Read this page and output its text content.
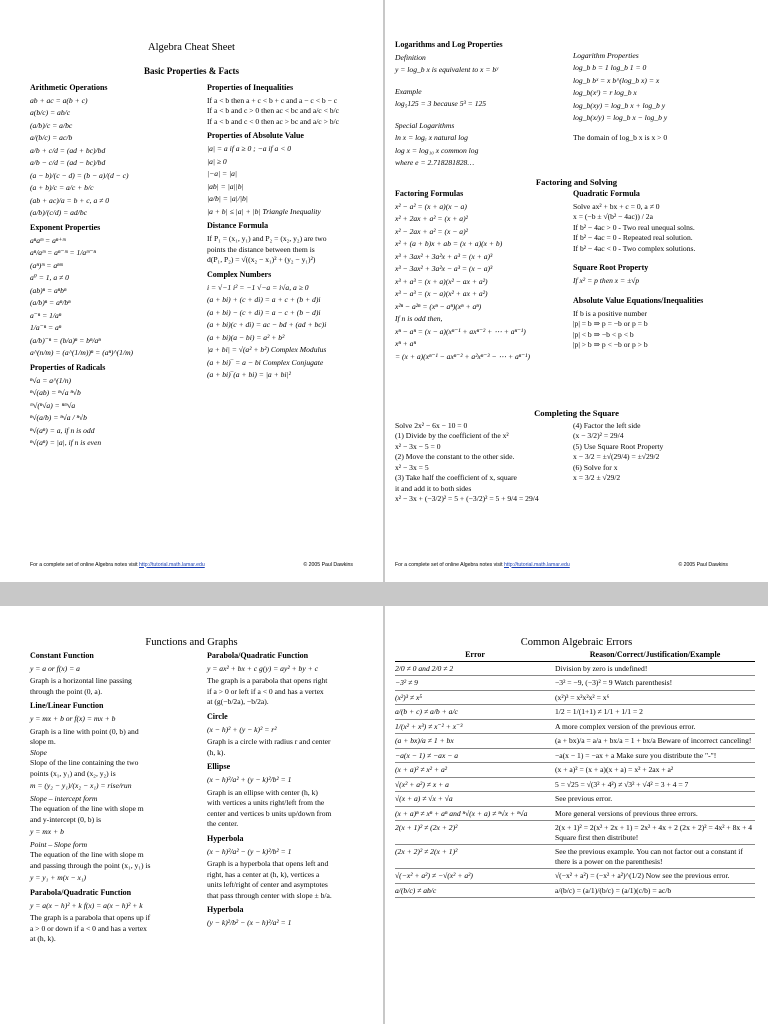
Algebra Cheat Sheet
Basic Properties & Facts
Arithmetic Operations
ab + ac = a(b + c)
a(b/c) = ab/c
(a/b)/c = a/bc
a/(b/c) = ac/b
a/b + c/d = (ad + bc)/bd
a/b − c/d = (ad − bc)/bd
(a − b)/(c − d) = (b − a)/(d − c)
(a + b)/c = a/c + b/c
(ab + ac)/a = b + c, a ≠ 0
(a/b)/(c/d) = ad/bc
Exponent Properties
aⁿaᵐ = aⁿ⁺ᵐ
aⁿ/aᵐ = aⁿ⁻ᵐ = 1/aᵐ⁻ⁿ
(aⁿ)ᵐ = aⁿᵐ
a⁰ = 1, a ≠ 0
(ab)ⁿ = aⁿbⁿ
(a/b)ⁿ = aⁿ/bⁿ
a⁻ⁿ = 1/aⁿ
1/a⁻ⁿ = aⁿ
(a/b)⁻ⁿ = (b/a)ⁿ = bⁿ/aⁿ
a^(n/m) = (a^(1/m))ⁿ = (aⁿ)^(1/m)
Properties of Radicals
ⁿ√a = a^(1/n)
ⁿ√(ab) = ⁿ√a ⁿ√b
ᵐ√(ⁿ√a) = ⁿᵐ√a
ⁿ√(a/b) = ⁿ√a / ⁿ√b
ⁿ√(aⁿ) = a, if n is odd
ⁿ√(aⁿ) = |a|, if n is even
Properties of Inequalities
If a < b then a + c < b + c and a − c < b − c
If a < b and c > 0 then ac < bc and a/c < b/c
If a < b and c < 0 then ac > bc and a/c > b/c
Properties of Absolute Value
|a| = a if a ≥ 0 ; −a if a < 0
|a| ≥ 0
|−a| = |a|
|ab| = |a||b|
|a/b| = |a|/|b|
|a + b| ≤ |a| + |b| Triangle Inequality
Distance Formula
If P₁ = (x₁, y₁) and P₂ = (x₂, y₂) are two
points the distance between them is
d(P₁, P₂) = √((x₂ − x₁)² + (y₂ − y₁)²)
Complex Numbers
i = √−1 i² = −1 √−a = i√a, a ≥ 0
(a + bi) + (c + di) = a + c + (b + d)i
(a + bi) − (c + di) = a − c + (b − d)i
(a + bi)(c + di) = ac − bd + (ad + bc)i
(a + bi)(a − bi) = a² + b²
|a + bi| = √(a² + b²) Complex Modulus
(a + bi)‾ = a − bi Complex Conjugate
(a + bi)‾(a + bi) = |a + bi|²
For a complete set of online Algebra notes visit http://tutorial.math.lamar.edu	© 2005 Paul Dawkins
Logarithms and Log Properties
Definition
y = log_b x is equivalent to x = bʸ
Example
log₅125 = 3 because 5³ = 125
Special Logarithms
ln x = logₑ x natural log
log x = log₁₀ x common log
where e = 2.718281828…
Logarithm Properties
log_b b = 1 log_b 1 = 0
log_b bˣ = x b^(log_b x) = x
log_b(xʳ) = r log_b x
log_b(xy) = log_b x + log_b y
log_b(x/y) = log_b x − log_b y
The domain of log_b x is x > 0
Factoring and Solving
Factoring Formulas
x² − a² = (x + a)(x − a)
x² + 2ax + a² = (x + a)²
x² − 2ax + a² = (x − a)²
x² + (a + b)x + ab = (x + a)(x + b)
x³ + 3ax² + 3a²x + a³ = (x + a)³
x³ − 3ax² + 3a²x − a³ = (x − a)³
x³ + a³ = (x + a)(x² − ax + a²)
x³ − a³ = (x − a)(x² + ax + a²)
x²ⁿ − a²ⁿ = (xⁿ − aⁿ)(xⁿ + aⁿ)
If n is odd then,
xⁿ − aⁿ = (x − a)(xⁿ⁻¹ + axⁿ⁻² + ⋯ + aⁿ⁻¹)
xⁿ + aⁿ
= (x + a)(xⁿ⁻¹ − axⁿ⁻² + a²xⁿ⁻³ − ⋯ + aⁿ⁻¹)
Quadratic Formula
Solve ax² + bx + c = 0, a ≠ 0
x = (−b ± √(b² − 4ac)) / 2a
If b² − 4ac > 0 - Two real unequal solns.
If b² − 4ac = 0 - Repeated real solution.
If b² − 4ac < 0 - Two complex solutions.
Square Root Property
If x² = p then x = ±√p
Absolute Value Equations/Inequalities
If b is a positive number
|p| = b ⇒ p = −b or p = b
|p| < b ⇒ −b < p < b
|p| > b ⇒ p < −b or p > b
Completing the Square
Solve 2x² − 6x − 10 = 0
(1) Divide by the coefficient of the x²
x² − 3x − 5 = 0
(2) Move the constant to the other side.
x² − 3x = 5
(3) Take half the coefficient of x, square
it and add it to both sides
x² − 3x + (−3/2)² = 5 + (−3/2)² = 5 + 9/4 = 29/4
(4) Factor the left side
(x − 3/2)² = 29/4
(5) Use Square Root Property
x − 3/2 = ±√(29/4) = ±√29/2
(6) Solve for x
x = 3/2 ± √29/2
For a complete set of online Algebra notes visit http://tutorial.math.lamar.edu	© 2005 Paul Dawkins
Functions and Graphs
Constant Function
y = a or f(x) = a
Graph is a horizontal line passing
through the point (0, a).
Line/Linear Function
y = mx + b or f(x) = mx + b
Graph is a line with point (0, b) and
slope m.
Slope
Slope of the line containing the two
points (x₁, y₁) and (x₂, y₂) is
m = (y₂ − y₁)/(x₂ − x₁) = rise/run
Slope – intercept form
The equation of the line with slope m
and y-intercept (0, b) is
y = mx + b
Point – Slope form
The equation of the line with slope m
and passing through the point (x₁, y₁) is
y = y₁ + m(x − x₁)
Parabola/Quadratic Function
y = a(x − h)² + k f(x) = a(x − h)² + k
The graph is a parabola that opens up if
a > 0 or down if a < 0 and has a vertex
at (h, k).
Parabola/Quadratic Function
y = ax² + bx + c g(y) = ay² + by + c
The graph is a parabola that opens right
if a > 0 or left if a < 0 and has a vertex
at (g(−b/2a), −b/2a).
Circle
(x − h)² + (y − k)² = r²
Graph is a circle with radius r and center
(h, k).
Ellipse
(x − h)²/a² + (y − k)²/b² = 1
Graph is an ellipse with center (h, k)
with vertices a units right/left from the
center and vertices b units up/down from
the center.
Hyperbola
(x − h)²/a² − (y − k)²/b² = 1
Graph is a hyperbola that opens left and
right, has a center at (h, k), vertices a
units left/right of center and asymptotes
that pass through center with slope ± b/a.
Hyperbola
(y − k)²/b² − (x − h)²/a² = 1
Common Algebraic Errors
Error	Reason/Correct/Justification/Example
2/0 ≠ 0 and 2/0 ≠ 2	Division by zero is undefined!
−3² ≠ 9	−3² = −9, (−3)² = 9 Watch parenthesis!
(x²)³ ≠ x⁵	(x²)³ = x²x²x² = x⁶
a/(b + c) ≠ a/b + a/c	1/2 = 1/(1+1) ≠ 1/1 + 1/1 = 2
1/(x² + x³) ≠ x⁻² + x⁻³	A more complex version of the previous error.
(a + bx)/a ≠ 1 + bx	(a + bx)/a = a/a + bx/a = 1 + bx/a Beware of incorrect canceling!
−a(x − 1) ≠ −ax − a	−a(x − 1) = −ax + a Make sure you distribute the "-"!
(x + a)² ≠ x² + a²	(x + a)² = (x + a)(x + a) = x² + 2ax + a²
√(x² + a²) ≠ x + a	5 = √25 = √(3² + 4²) ≠ √3² + √4² = 3 + 4 = 7
√(x + a) ≠ √x + √a	See previous error.
(x + a)ⁿ ≠ xⁿ + aⁿ and ⁿ√(x + a) ≠ ⁿ√x + ⁿ√a	More general versions of previous three errors.
2(x + 1)² ≠ (2x + 2)²	2(x + 1)² = 2(x² + 2x + 1) = 2x² + 4x + 2 (2x + 2)² = 4x² + 8x + 4 Square first then distribute!
(2x + 2)² ≠ 2(x + 1)²	See the previous example. You can not factor out a constant if there is a power on the parenthesis!
√(−x² + a²) ≠ −√(x² + a²)	√(−x² + a²) = (−x² + a²)^(1/2) Now see the previous error.
a/(b/c) ≠ ab/c	a/(b/c) = (a/1)/(b/c) = (a/1)(c/b) = ac/b
